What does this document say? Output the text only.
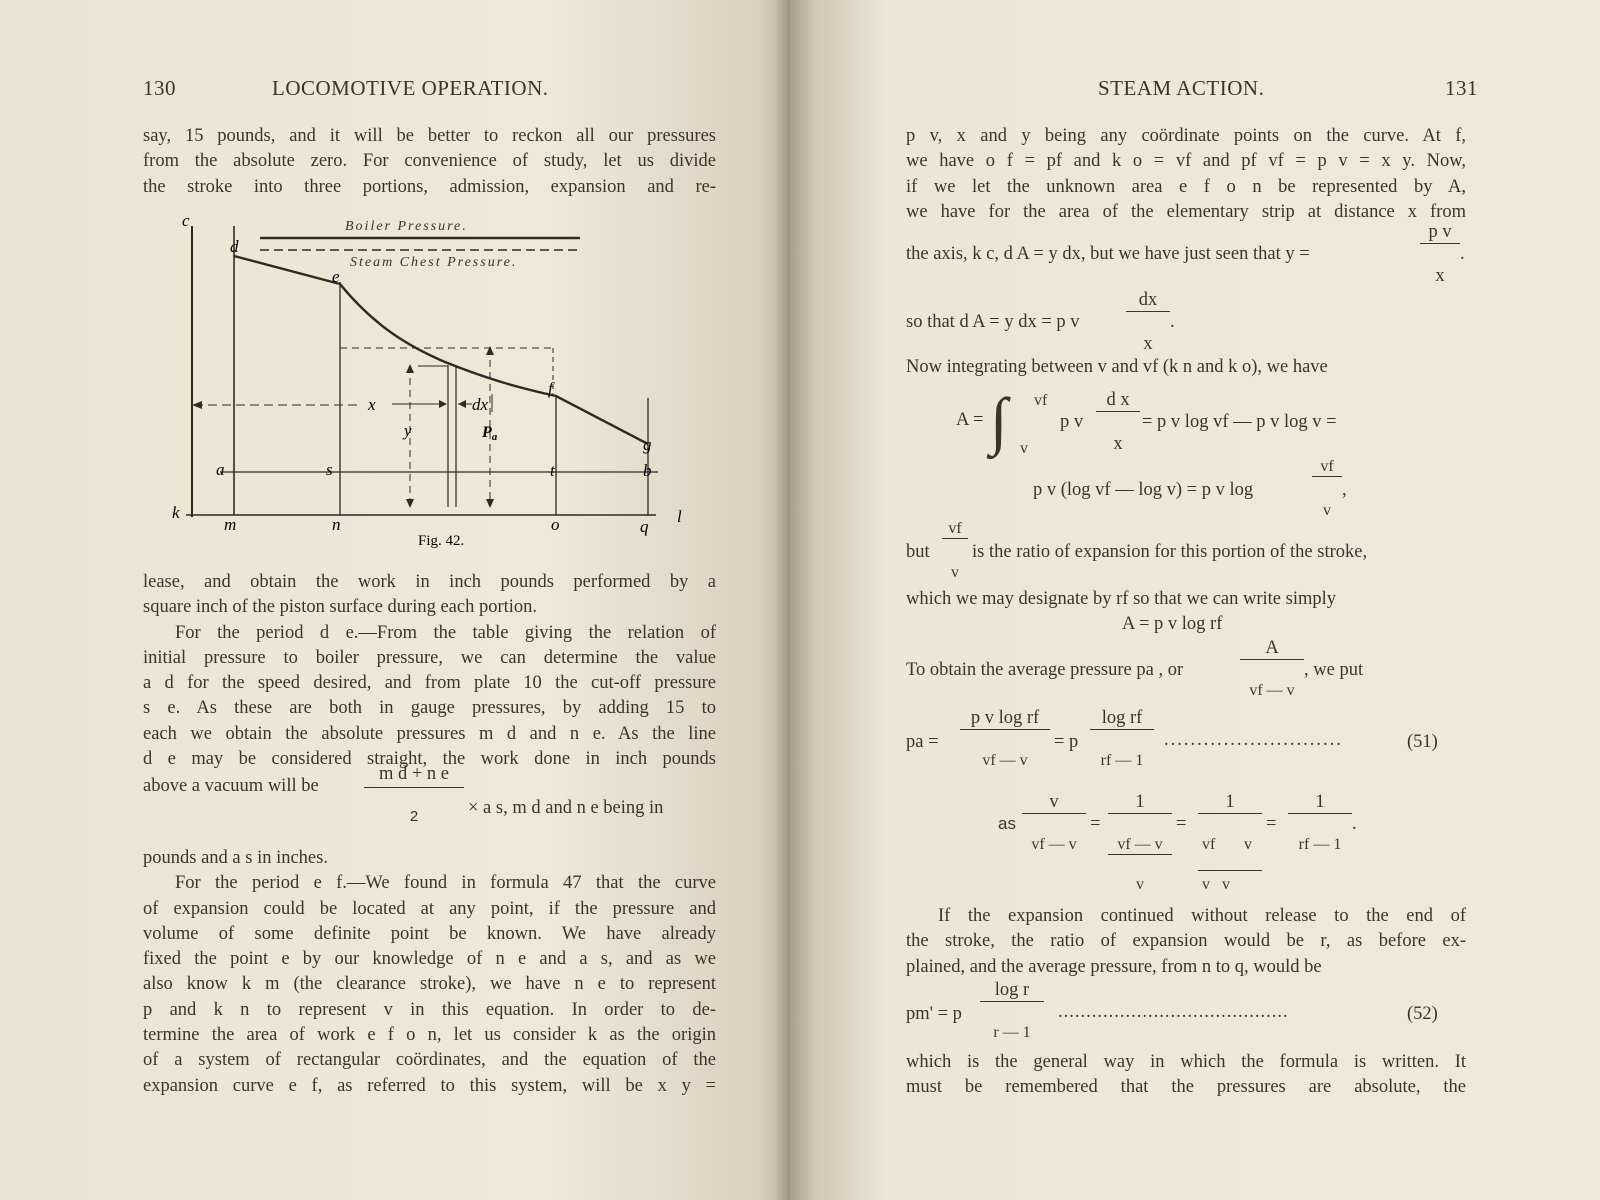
130	LOCOMOTIVE OPERATION.
say, 15 pounds, and it will be better to reckon all our pressures
from the absolute zero. For convenience of study, let us divide
the stroke into three portions, admission, expansion and re-
Boiler Pressure.
Steam Chest Pressure.
c
x	dx
y	Pa
d
e
f
g
a	s	t	b
k
m	n	o	q
l
Fig. 42.
lease, and obtain the work in inch pounds performed by a
square inch of the piston surface during each portion.
For the period d e.—From the table giving the relation of
initial pressure to boiler pressure, we can determine the value
a d for the speed desired, and from plate 10 the cut-off pressure
s e. As these are both in gauge pressures, by adding 15 to
each we obtain the absolute pressures m d and n e. As the line
d e may be considered straight, the work done in inch pounds
above a vacuum will be
m d + n e
2	× a s, m d and n e being in
pounds and a s in inches.
For the period e f.—We found in formula 47 that the curve
of expansion could be located at any point, if the pressure and
volume of some definite point be known. We have already
fixed the point e by our knowledge of n e and a s, and as we
also know k m (the clearance stroke), we have n e to represent
p and k n to represent v in this equation. In order to de-
termine the area of work e f o n, let us consider k as the origin
of a system of rectangular coördinates, and the equation of the
expansion curve e f, as referred to this system, will be x y =
STEAM ACTION.	131
p v, x and y being any coördinate points on the curve. At f,
we have o f = pf and k o = vf and pf vf = p v = x y. Now,
if we let the unknown area e f o n be represented by A,
we have for the area of the elementary strip at distance x from
the axis, k c, d A = y dx, but we have just seen that y =
p v
x
.
so that d A = y dx = p v
dx
x
.
Now integrating between v and vf (k n and k o), we have
A = ∫ vf
v
p v
d x
x
= p v log vf — p v log v =
p v (log vf — log v) = p v log
vf
v
,
but
vf
v
is the ratio of expansion for this portion of the stroke,
which we may designate by rf so that we can write simply
A = p v log rf
To obtain the average pressure pa , or
A
vf — v
, we put
pa =
p v log rf
vf — v
= p
log rf
rf — 1
...........................	(51)
as
v
vf — v
=
1
vf — v
v
=
1
vf v
v   v
=
1
rf — 1
.
If the expansion continued without release to the end of
the stroke, the ratio of expansion would be r, as before ex-
plained, and the average pressure, from n to q, would be
pm' = p
log r
r — 1
.........................................	(52)
which is the general way in which the formula is written. It
must be remembered that the pressures are absolute, the
